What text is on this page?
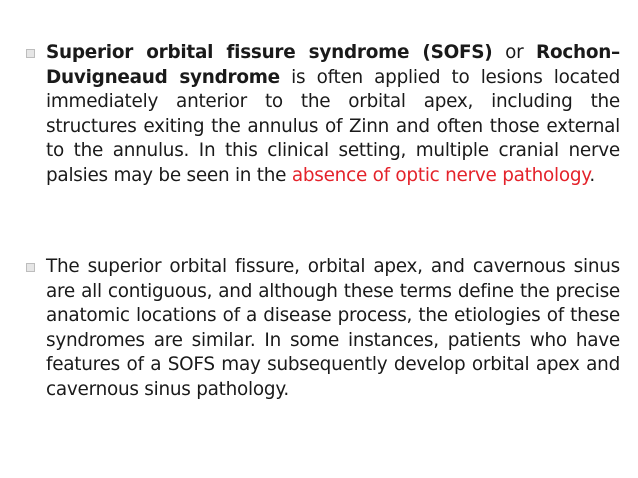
Superior orbital fissure syndrome (SOFS) or Rochon–Duvigneaud syndrome is often applied to lesions located immediately anterior to the orbital apex, including the structures exiting the annulus of Zinn and often those external to the annulus. In this clinical setting, multiple cranial nerve palsies may be seen in the absence of optic nerve pathology.
The superior orbital fissure, orbital apex, and cavernous sinus are all contiguous, and although these terms define the precise anatomic locations of a disease process, the etiologies of these syndromes are similar. In some instances, patients who have features of a SOFS may subsequently develop orbital apex and cavernous sinus pathology.
